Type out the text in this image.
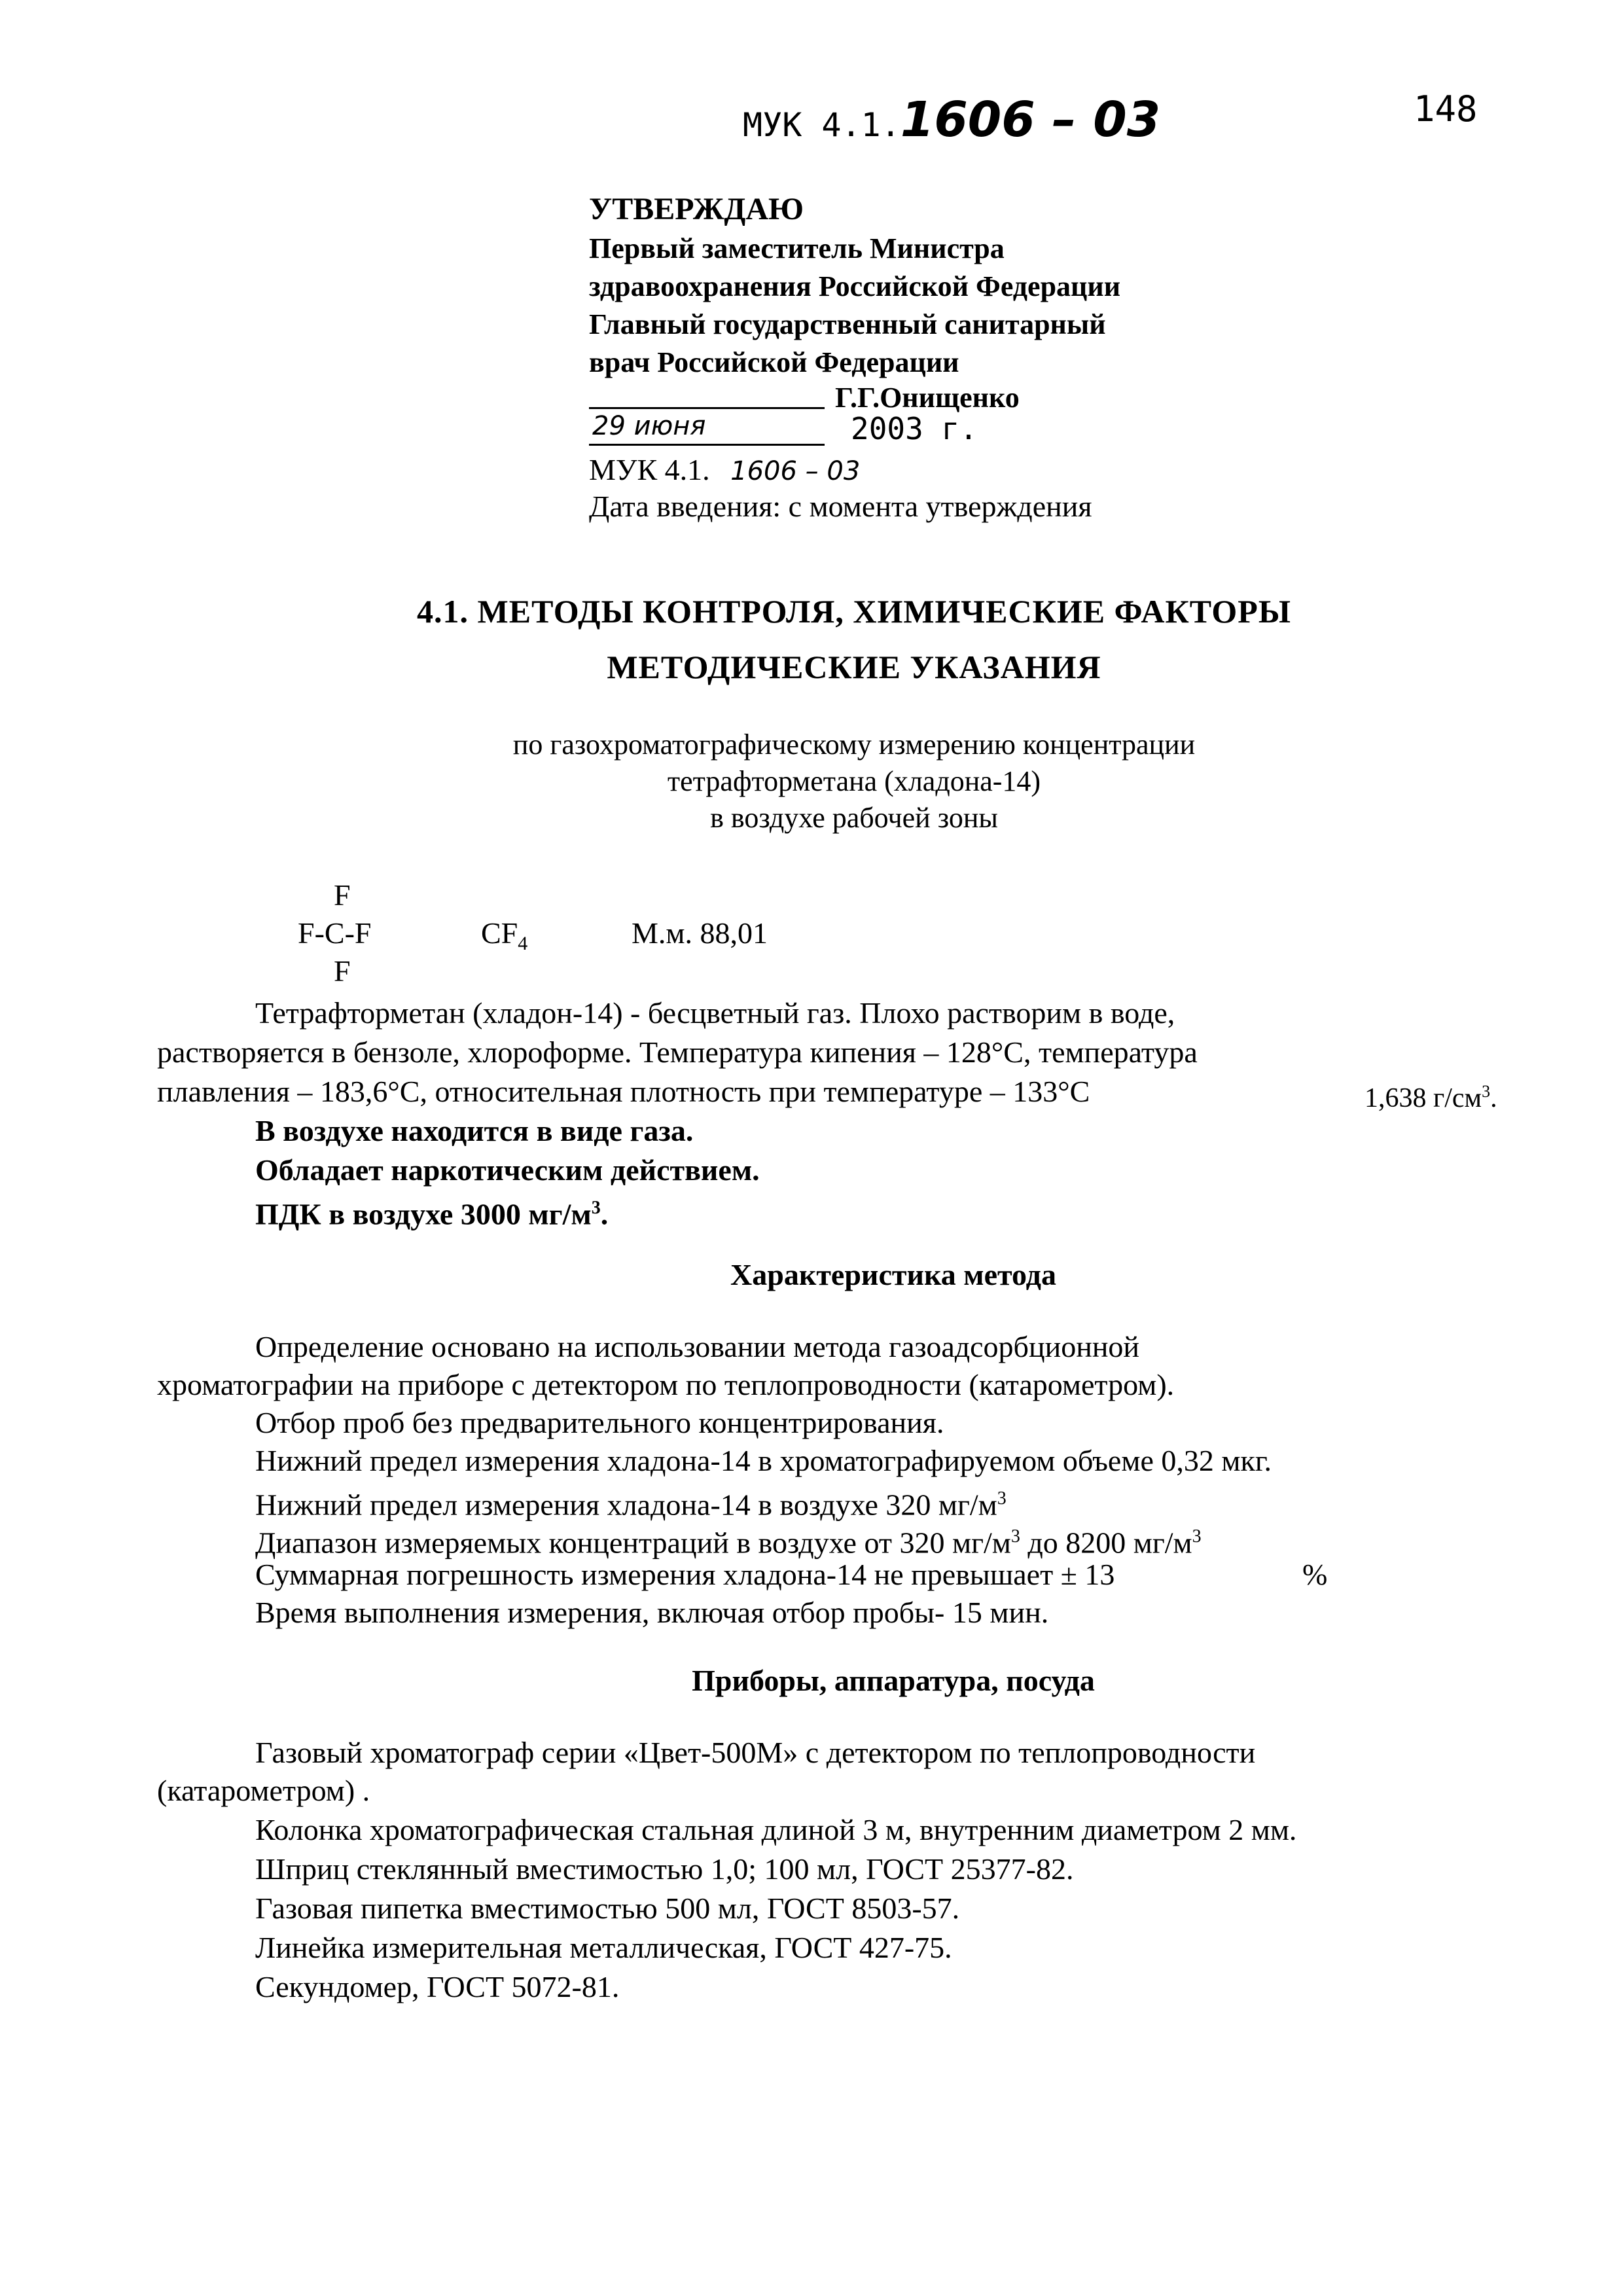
МУК 4.1.1606 – 03	148
УТВЕРЖДАЮ
Первый заместитель Министра
здравоохранения Российской Федерации
Главный государственный санитарный
врач Российской Федерации
Г.Г.Онищенко
29 июня	2003 г.
МУК 4.1. 1606 – 03
Дата введения: с момента утверждения
4.1. МЕТОДЫ КОНТРОЛЯ, ХИМИЧЕСКИЕ ФАКТОРЫ
МЕТОДИЧЕСКИЕ УКАЗАНИЯ
по газохроматографическому измерению концентрации
тетрафторметана (хладона-14)
в воздухе рабочей зоны
F
F-C-F
F
$CF_4$	М.м. 88,01
Тетрафторметан (хладон-14) - бесцветный газ. Плохо растворим в воде,
растворяется в бензоле, хлороформе. Температура кипения – 128°С, температура
плавления – 183,6°С, относительная плотность при температуре – 133°С	1,638 $г/см^3$.
В воздухе находится в виде газа.
Обладает наркотическим действием.
ПДК в воздухе 3000 $мг/м^3$.
Характеристика метода
Определение основано на использовании метода газоадсорбционной
хроматографии на приборе с детектором по теплопроводности (катарометром).
Отбор проб без предварительного концентрирования.
Нижний предел измерения хладона-14 в хроматографируемом объеме 0,32 мкг.
Нижний предел измерения хладона-14 в воздухе 320 $мг/м^3$
Диапазон измеряемых концентраций в воздухе от 320 $мг/м^3$ до 8200 $мг/м^3$
Суммарная погрешность измерения хладона-14 не превышает ± 13	%
Время выполнения измерения, включая отбор пробы- 15 мин.
Приборы, аппаратура, посуда
Газовый хроматограф серии «Цвет-500М» с детектором по теплопроводности
(катарометром) .
Колонка хроматографическая стальная длиной 3 м, внутренним диаметром 2 мм.
Шприц стеклянный вместимостью 1,0; 100 мл, ГОСТ 25377-82.
Газовая пипетка вместимостью 500 мл, ГОСТ 8503-57.
Линейка измерительная металлическая, ГОСТ 427-75.
Секундомер, ГОСТ 5072-81.
